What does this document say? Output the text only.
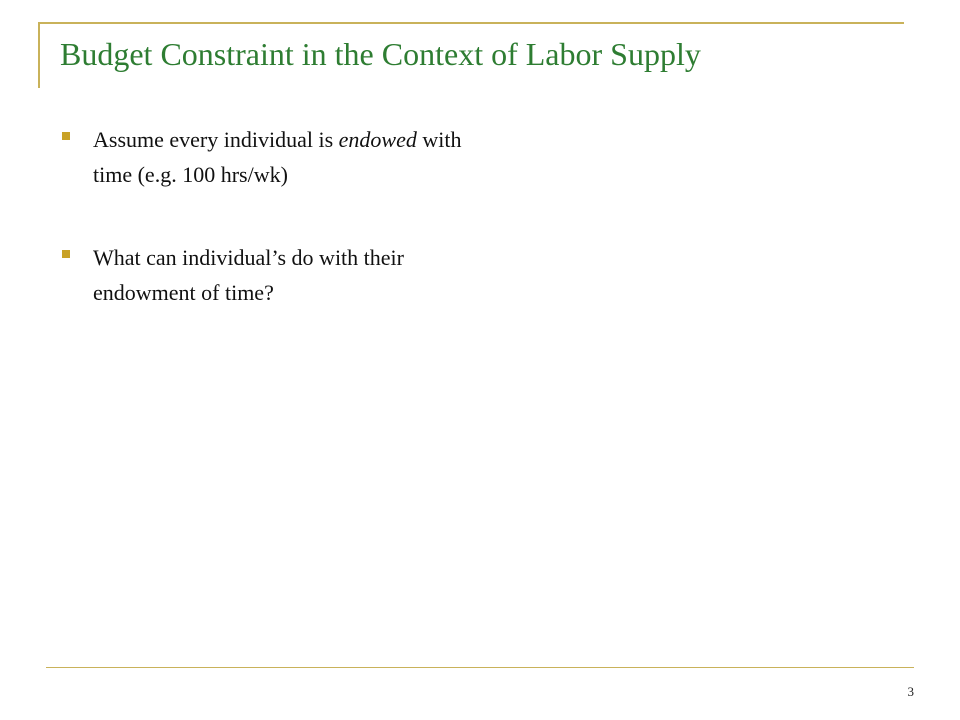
Budget Constraint in the Context of Labor Supply
Assume every individual is endowed with
time (e.g. 100 hrs/wk)
What can individual’s do with their
endowment of time?
3
